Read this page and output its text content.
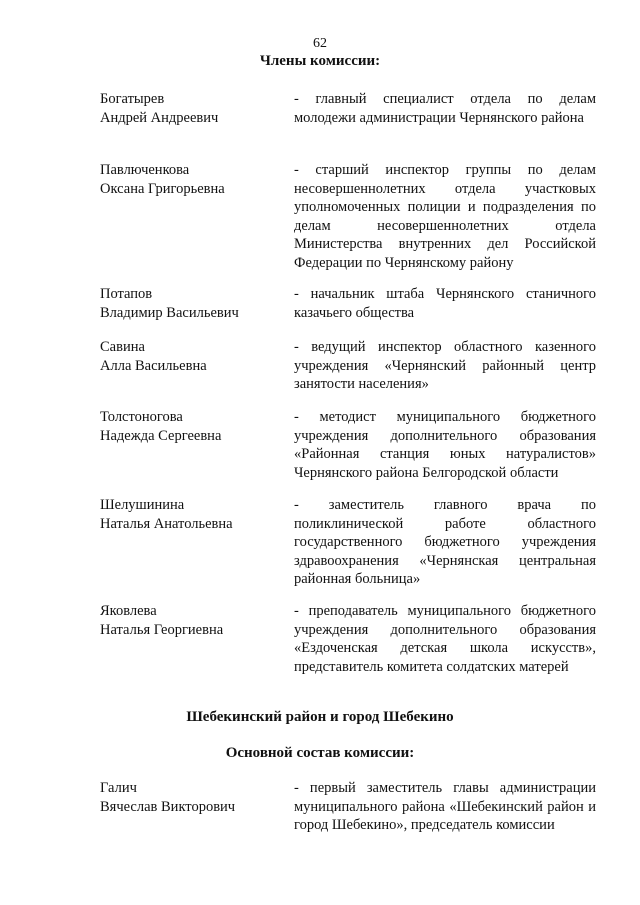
62
Члены комиссии:
Богатырев
Андрей Андреевич
- главный специалист отдела по делам молодежи администрации Чернянского района
Павлюченкова
Оксана Григорьевна
- старший инспектор группы по делам несовершеннолетних отдела участковых уполномоченных полиции и подразделения по делам несовершеннолетних отдела Министерства внутренних дел Российской Федерации по Чернянскому району
Потапов
Владимир Васильевич
- начальник штаба Чернянского станичного казачьего общества
Савина
Алла Васильевна
- ведущий инспектор областного казенного учреждения «Чернянский районный центр занятости населения»
Толстоногова
Надежда Сергеевна
- методист муниципального бюджетного учреждения дополнительного образования «Районная станция юных натуралистов» Чернянского района Белгородской области
Шелушинина
Наталья Анатольевна
- заместитель главного врача по поликлинической работе областного государственного бюджетного учреждения здравоохранения «Чернянская центральная районная больница»
Яковлева
Наталья Георгиевна
- преподаватель муниципального бюджетного учреждения дополнительного образования «Ездоченская детская школа искусств», представитель комитета солдатских матерей
Шебекинский район и город Шебекино
Основной состав комиссии:
Галич
Вячеслав Викторович
- первый заместитель главы администрации муниципального района «Шебекинский район и город Шебекино», председатель комиссии
